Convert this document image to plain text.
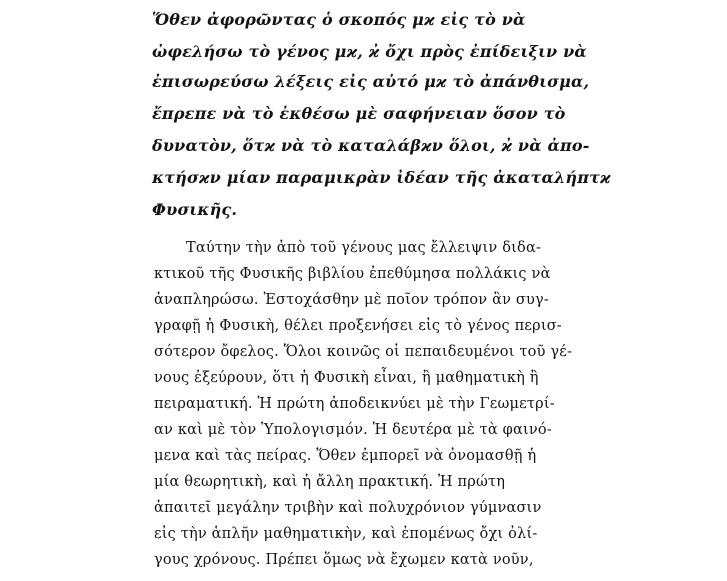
Ὅθεν ἀφορῶντας ὁ σκοπός μϰ εἰς τὸ νὰ
ὠφελήσω τὸ γένος μϰ, ϰ̓ ὄχι πρὸς ἐπίδειξιν νὰ
ἐπισωρεύσω λέξεις εἰς αὐτό μϰ τὸ ἀπάνθισμα,
ἔπρεπε νὰ τὸ ἐκθέσω μὲ σαφήνειαν ὅσον τὸ
δυνατὸν, ὅτϰ νὰ τὸ καταλάβϰν ὅλοι, ϰ̓ νὰ ἀπο-
κτήσϰν μίαν παραμικρὰν ἰδέαν τῆς ἀκαταλήπτϰ
Φυσικῆς.
Ταύτην τὴν ἀπὸ τοῦ γένους μας ἔλλειψιν διδα-
κτικοῦ τῆς Φυσικῆς βιβλίου ἐπεθύμησα πολλάκις νὰ
ἀναπληρώσω. Ἐστοχάσθην μὲ ποῖον τρόπον ἂν συγ-
γραφῇ ἡ Φυσικὴ, θέλει προξενήσει εἰς τὸ γένος περισ-
σότερον ὄφελος. Ὅλοι κοινῶς οἱ πεπαιδευμένοι τοῦ γέ-
νους ἐξεύρουν, ὅτι ἡ Φυσικὴ εἶναι, ἢ μαθηματικὴ ἢ
πειραματική. Ἡ πρώτη ἀποδεικνύει μὲ τὴν Γεωμετρί-
αν καὶ μὲ τὸν Ὑπολογισμόν. Ἡ δευτέρα μὲ τὰ φαινό-
μενα καὶ τὰς πείρας. Ὅθεν ἐμπορεῖ νὰ ὀνομασθῇ ἡ
μία θεωρητικὴ, καὶ ἡ ἄλλη πρακτική. Ἡ πρώτη
ἀπαιτεῖ μεγάλην τριβὴν καὶ πολυχρόνιον γύμνασιν
εἰς τὴν ἁπλῆν μαθηματικὴν, καὶ ἐπομένως ὄχι ὀλί-
γους χρόνους. Πρέπει ὅμως νὰ ἔχωμεν κατὰ νοῦν,
